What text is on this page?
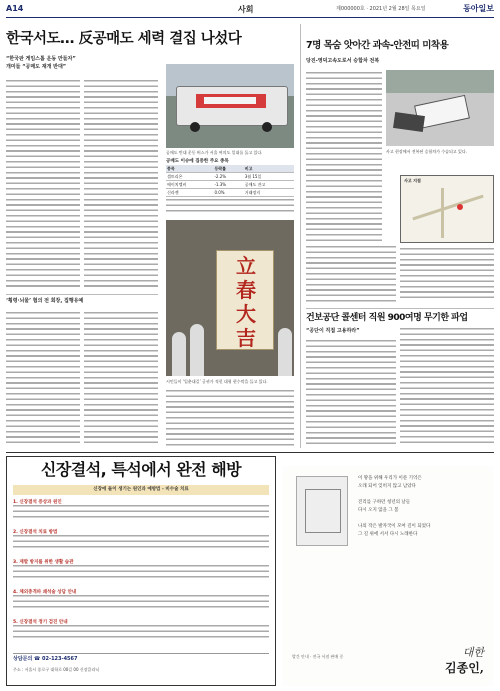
A14	사회	제000000호 · 2021년 2월 28일 목요일	동아일보
한국서도… 反공매도 세력 결집 나섰다
“한국판 게임스톱 운동 만들자”
개미들 “공매도 재개 반대”
공매도 반대 운동 버스가 서울 여의도 일대를 돌고 있다.
공매도 이슈에 집중한 주요 종목
종목	등락률	비고
셀트리온	-2.2%	3월 15일
에이치엘비	-1.3%	공매도 잔고
신라젠	0.0%	거래정지
‘횡령·뇌물’ 혐의 전 회장, 집행유예
立
春
大
吉
시민들이 ‘입춘대길’ 글귀가 적힌 대형 현수막을 들고 있다.
7명 목숨 앗아간 과속-안전띠 미착용
당진-영덕고속도로서 승합차 전복
사고 현장에서 전복된 승합차가 수습되고 있다.
사고 지점
건보공단 콜센터 직원 900여명 무기한 파업
“공단이 직접 고용하라”
신장결석, 특석에서 완전 해방
신장에 돌이 생기는 원인과 예방법 - 비수술 치료
1. 신장결석 증상과 원인
2. 신장결석 치료 방법
3. 재발 방지를 위한 생활 습관
4. 체외충격파 쇄석술 상담 안내
5. 신장결석 정기 검진 안내
상담문의 ☎ 02-123-4567
주소 : 서울시 종로구 대학로 00길 00 신장클리닉
이 땅을 위해 우리가 이룬 기억은
오래 되어 잊히지 않고 남았다
진리를 구하던 청년의 날들
다시 오지 않을 그 봄
나의 작은 발자국이 모여 길이 되었다
그 길 위에 서서 다시 노래한다
발간 안내 · 전국 서점 판매 중	대한
김종인,
